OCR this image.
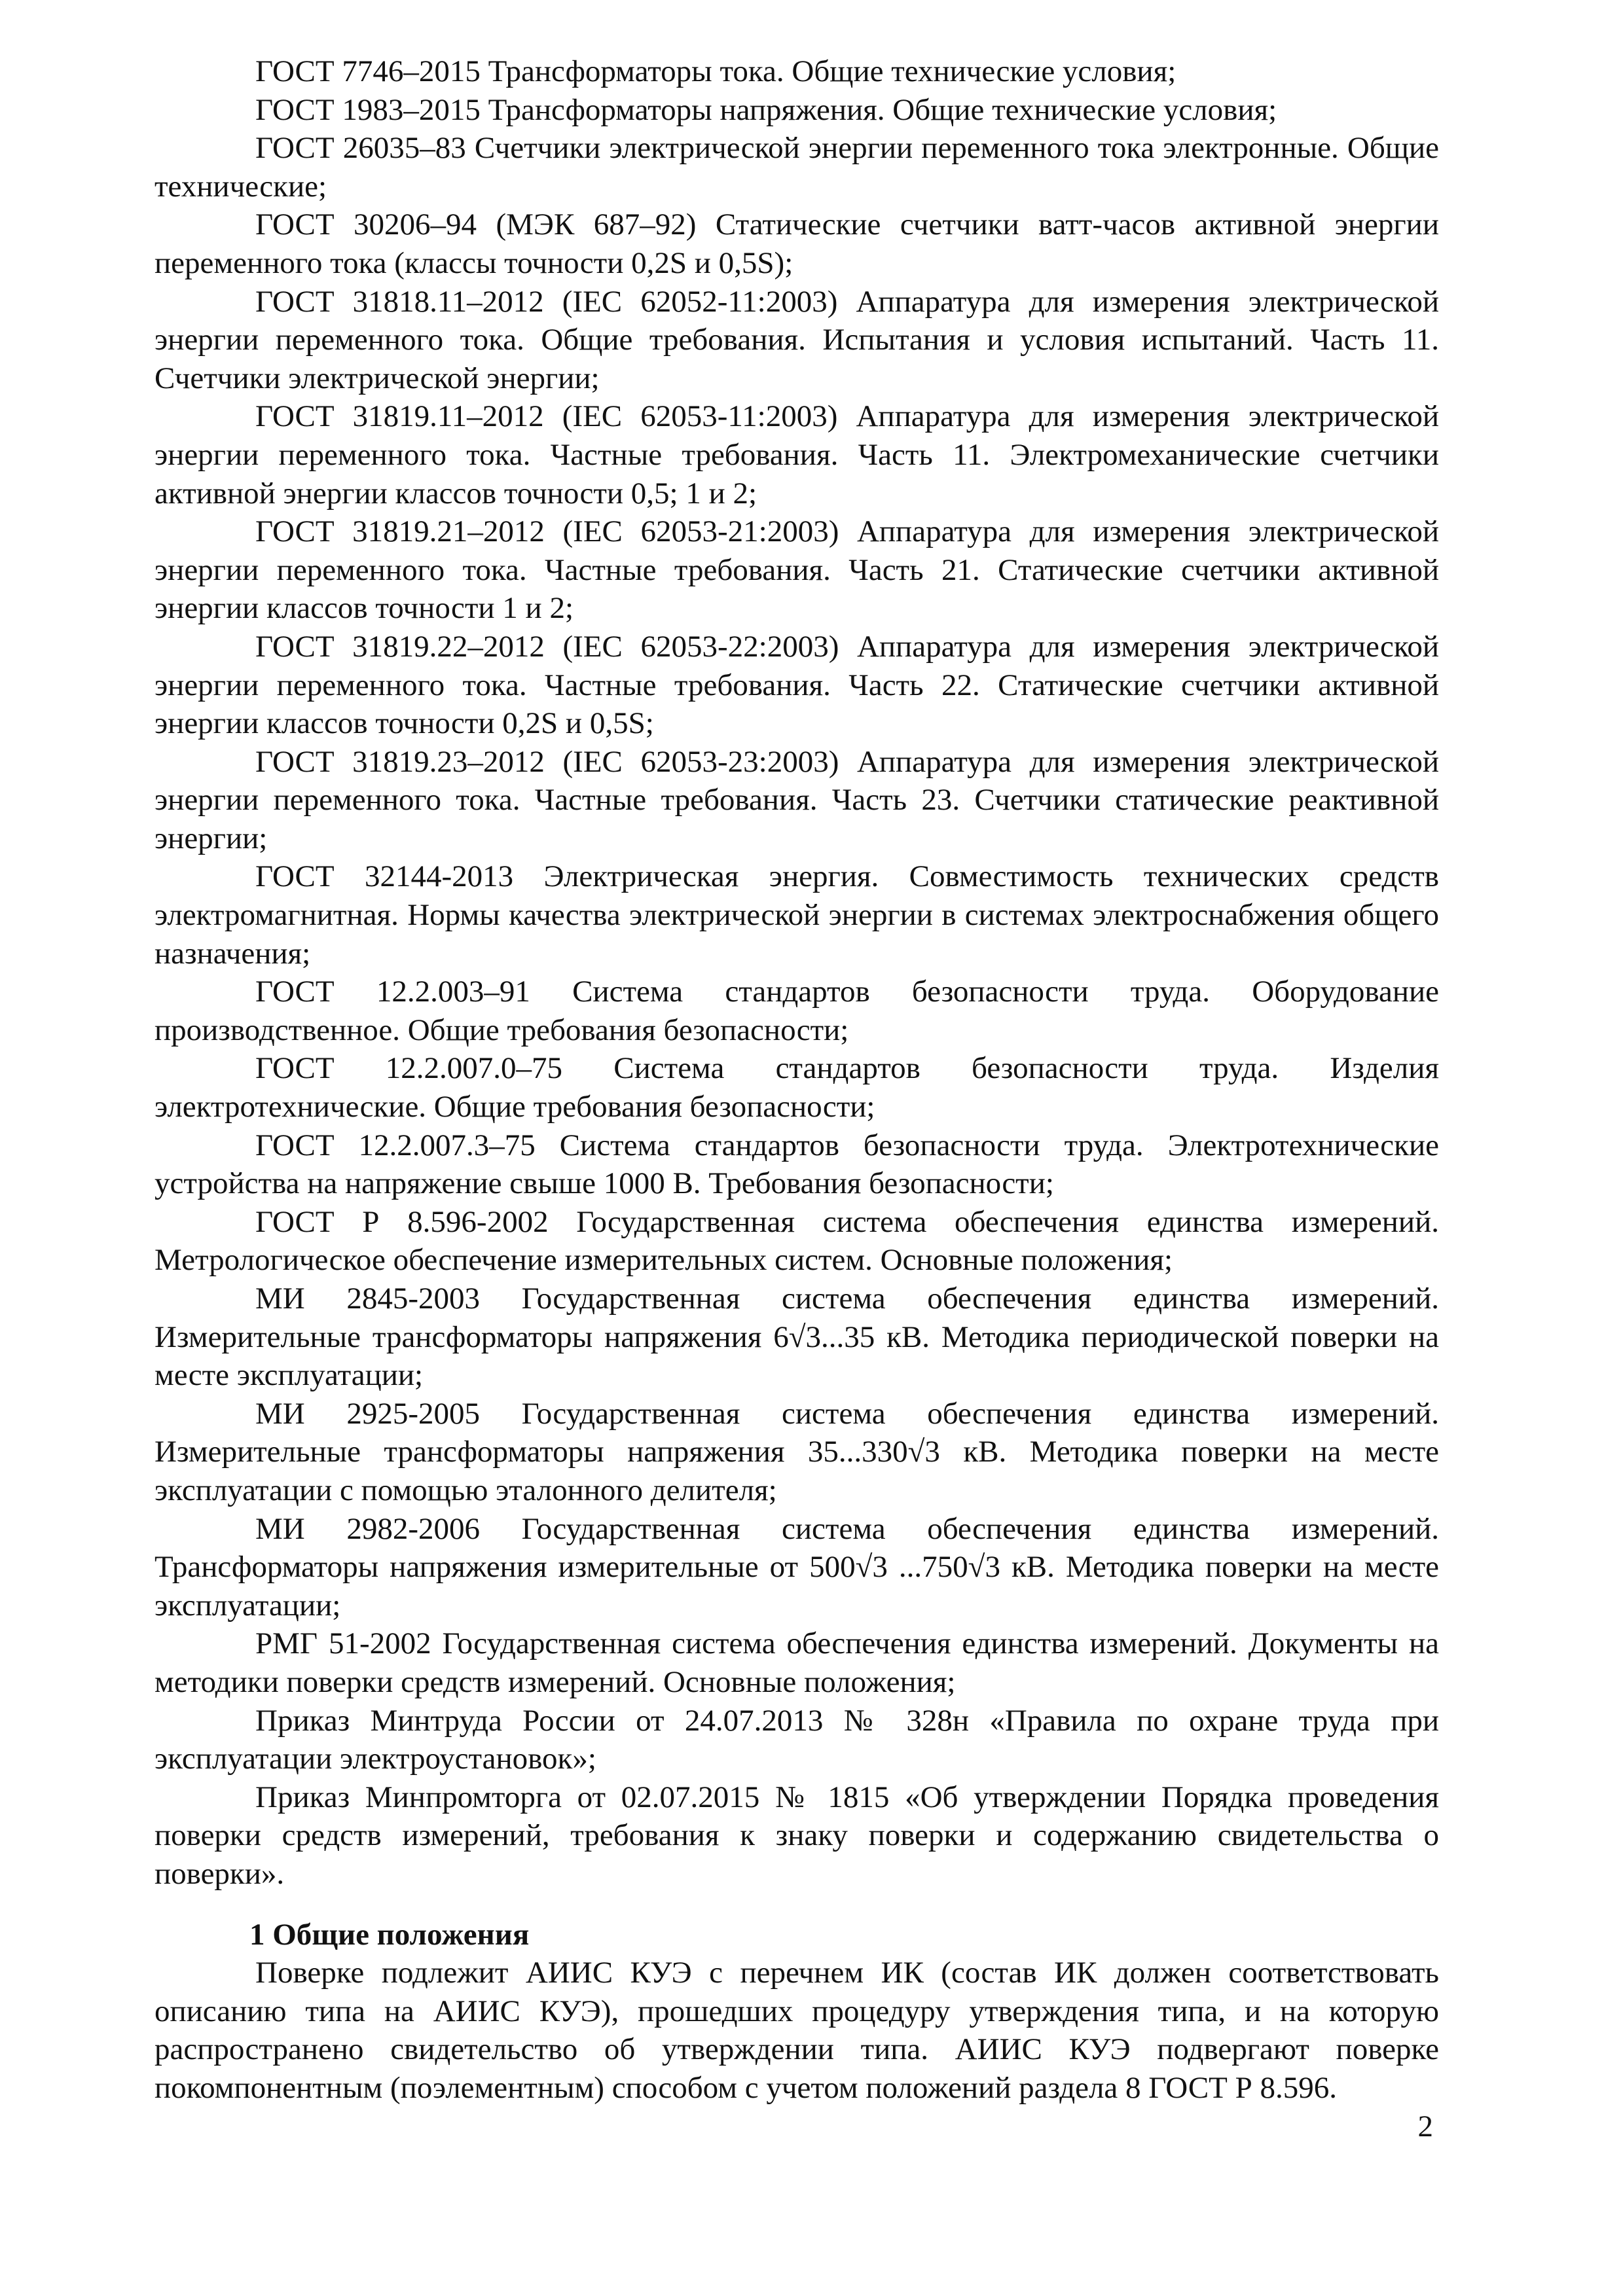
ГОСТ 7746–2015 Трансформаторы тока. Общие технические условия;

ГОСТ 1983–2015 Трансформаторы напряжения. Общие технические условия;

ГОСТ 26035–83 Счетчики электрической энергии переменного тока электронные. Общие технические;

ГОСТ 30206–94 (МЭК 687–92) Статические счетчики ватт-часов активной энергии переменного тока (классы точности 0,2S и 0,5S);

ГОСТ 31818.11–2012 (IEC 62052-11:2003) Аппаратура для измерения электрической энергии переменного тока. Общие требования. Испытания и условия испытаний. Часть 11. Счетчики электрической энергии;

ГОСТ 31819.11–2012 (IEC 62053-11:2003) Аппаратура для измерения электрической энергии переменного тока. Частные требования. Часть 11. Электромеханические счетчики активной энергии классов точности 0,5; 1 и 2;

ГОСТ 31819.21–2012 (IEC 62053-21:2003) Аппаратура для измерения электрической энергии переменного тока. Частные требования. Часть 21. Статические счетчики активной энергии классов точности 1 и 2;

ГОСТ 31819.22–2012 (IEC 62053-22:2003) Аппаратура для измерения электрической энергии переменного тока. Частные требования. Часть 22. Статические счетчики активной энергии классов точности 0,2S и 0,5S;

ГОСТ 31819.23–2012 (IEC 62053-23:2003) Аппаратура для измерения электрической энергии переменного тока. Частные требования. Часть 23. Счетчики статические реактивной энергии;

ГОСТ 32144-2013 Электрическая энергия. Совместимость технических средств электромагнитная. Нормы качества электрической энергии в системах электроснабжения общего назначения;

ГОСТ 12.2.003–91 Система стандартов безопасности труда. Оборудование производственное. Общие требования безопасности;

ГОСТ 12.2.007.0–75 Система стандартов безопасности труда. Изделия электротехнические. Общие требования безопасности;

ГОСТ 12.2.007.3–75 Система стандартов безопасности труда. Электротехнические устройства на напряжение свыше 1000 В. Требования безопасности;

ГОСТ Р 8.596-2002 Государственная система обеспечения единства измерений. Метрологическое обеспечение измерительных систем. Основные положения;

МИ 2845-2003 Государственная система обеспечения единства измерений. Измерительные трансформаторы напряжения 6√3...35 кВ. Методика периодической поверки на месте эксплуатации;

МИ 2925-2005 Государственная система обеспечения единства измерений. Измерительные трансформаторы напряжения 35...330√3 кВ. Методика поверки на месте эксплуатации с помощью эталонного делителя;

МИ 2982-2006 Государственная система обеспечения единства измерений. Трансформаторы напряжения измерительные от 500√3 ...750√3 кВ. Методика поверки на месте эксплуатации;

РМГ 51-2002 Государственная система обеспечения единства измерений. Документы на методики поверки средств измерений. Основные положения;

Приказ Минтруда России от 24.07.2013 № 328н «Правила по охране труда при эксплуатации электроустановок»;

Приказ Минпромторга от 02.07.2015 № 1815 «Об утверждении Порядка проведения поверки средств измерений, требования к знаку поверки и содержанию свидетельства о поверки».

1 Общие положения

Поверке подлежит АИИС КУЭ с перечнем ИК (состав ИК должен соответствовать описанию типа на АИИС КУЭ), прошедших процедуру утверждения типа, и на которую распространено свидетельство об утверждении типа. АИИС КУЭ подвергают поверке покомпонентным (поэлементным) способом с учетом положений раздела 8 ГОСТ Р 8.596.

2
